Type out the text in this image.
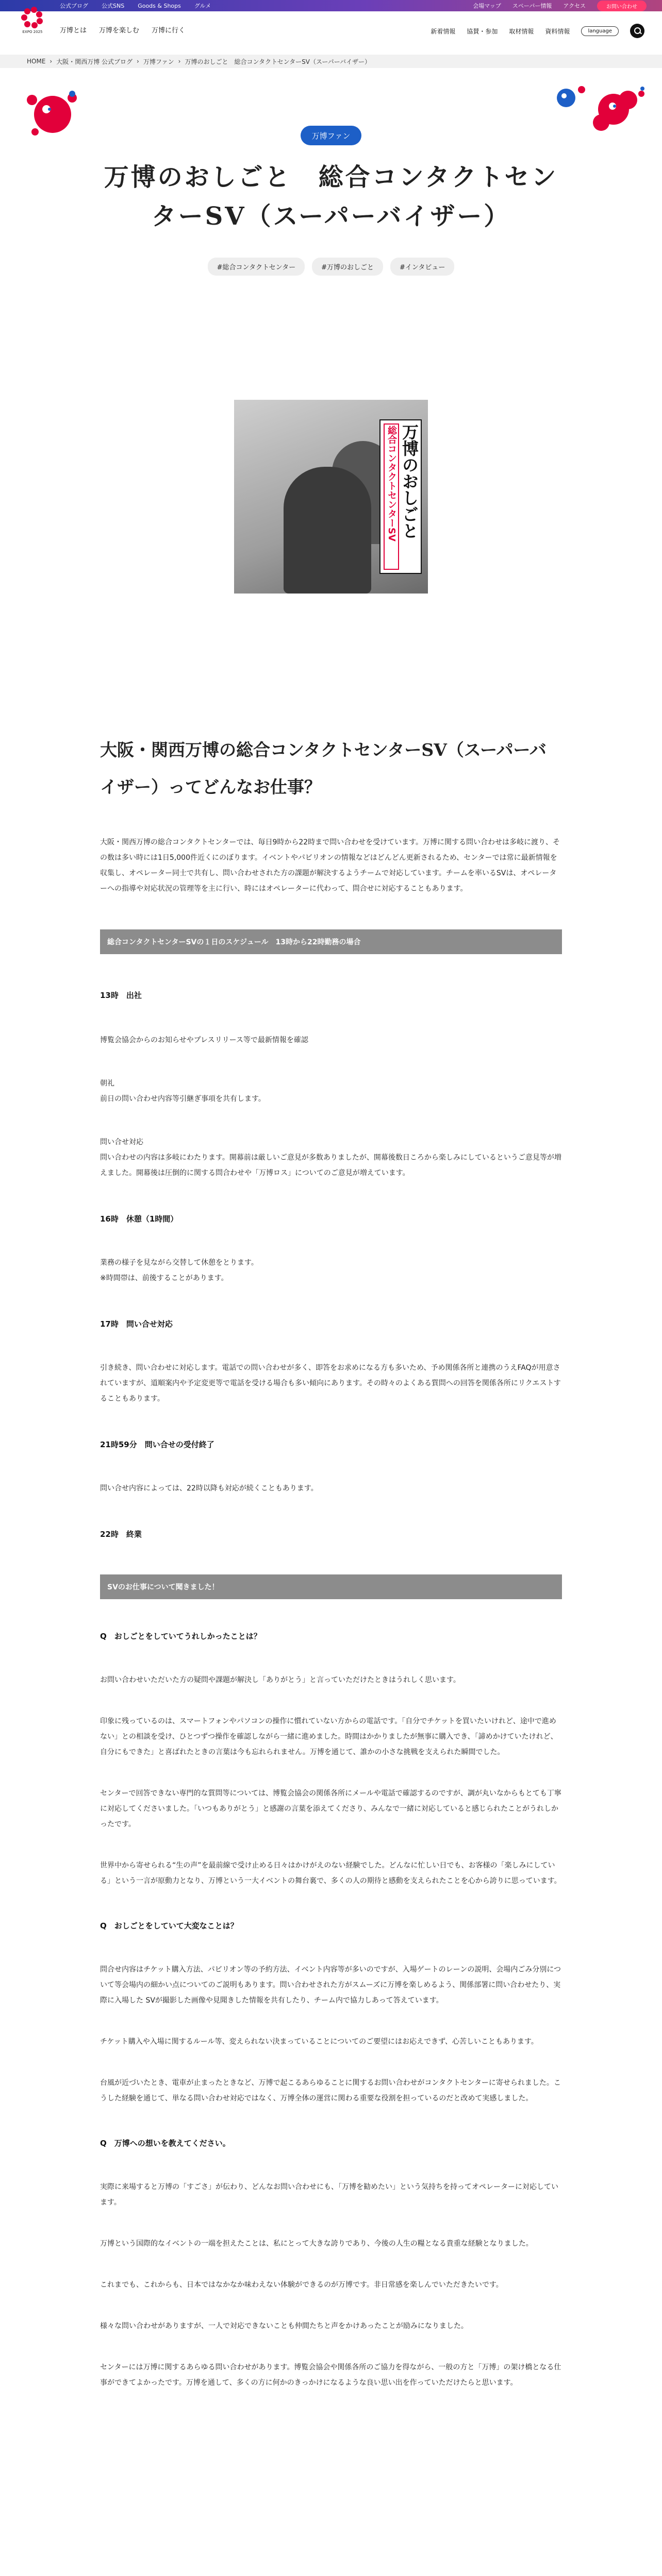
公式ブログ 公式SNS Goods & Shops グルメ	会場マップ スペーパー情報 アクセス	お問い合わせ
EXPO 2025	万博とは 万博を楽しむ 万博に行く	新着情報 協賛・参加 取材情報 資料情報	language
HOME › 大阪・関西万博 公式ブログ › 万博ファン › 万博のおしごと　総合コンタクトセンターSV（スーパーバイザー）
万博ファン
万博のおしごと　総合コンタクトセンターSV（スーパーバイザー）
#総合コンタクトセンター	#万博のおしごと	#インタビュー
万博のおしごと
総合コンタクトセンターSV
大阪・関西万博の総合コンタクトセンターSV（スーパーバイザー）ってどんなお仕事？

大阪・関西万博の総合コンタクトセンターでは、毎日9時から22時まで問い合わせを受けています。万博に関する問い合わせは多岐に渡り、その数は多い時には1日5,000件近くにのぼります。イベントやパビリオンの情報などはどんどん更新されるため、センターでは常に最新情報を収集し、オペレーター同士で共有し、問い合わせされた方の課題が解決するようチームで対応しています。チームを率いるSVは、オペレーターへの指導や対応状況の管理等を主に行い、時にはオペレーターに代わって、問合せに対応することもあります。

総合コンタクトセンターSVの１日のスケジュール　13時から22時勤務の場合

13時　出社

博覧会協会からのお知らせやプレスリリース等で最新情報を確認

朝礼

前日の問い合わせ内容等引継ぎ事項を共有します。

問い合せ対応

問い合わせの内容は多岐にわたります。開幕前は厳しいご意見が多数ありましたが、開幕後数日ころから楽しみにしているというご意見等が増えました。開幕後は圧倒的に関する問合わせや「万博ロス」についてのご意見が増えています。

16時　休憩（1時間）

業務の様子を見ながら交替して休憩をとります。

※時間帯は、前後することがあります。

17時　問い合せ対応

引き続き、問い合わせに対応します。電話での問い合わせが多く、即答をお求めになる方も多いため、予め関係各所と連携のうえFAQが用意されていますが、道順案内や予定変更等で電話を受ける場合も多い傾向にあります。その時々のよくある質問への回答を関係各所にリクエストすることもあります。

21時59分　問い合せの受付終了

問い合せ内容によっては、22時以降も対応が続くこともあります。

22時　終業

SVのお仕事について聞きました！

Q　おしごとをしていてうれしかったことは？

お問い合わせいただいた方の疑問や課題が解決し「ありがとう」と言っていただけたときはうれしく思います。

印象に残っているのは、スマートフォンやパソコンの操作に慣れていない方からの電話です。「自分でチケットを買いたいけれど、途中で進めない」との相談を受け、ひとつずつ操作を確認しながら一緒に進めました。時間はかかりましたが無事に購入でき、「諦めかけていたけれど、自分にもできた」と喜ばれたときの言葉は今も忘れられません。万博を通じて、誰かの小さな挑戦を支えられた瞬間でした。

センターで回答できない専門的な質問等については、博覧会協会の関係各所にメールや電話で確認するのですが、調が丸いなからもとても丁寧に対応してくださいました。「いつもありがとう」と感謝の言葉を添えてくださり、みんなで一緒に対応していると感じられたことがうれしかったです。

世界中から寄せられる“生の声”を最前線で受け止める日々はかけがえのない経験でした。どんなに忙しい日でも、お客様の「楽しみにしている」という一言が原動力となり、万博という一大イベントの舞台裏で、多くの人の期待と感動を支えられたことを心から誇りに思っています。

Q　おしごとをしていて大変なことは？

問合せ内容はチケット購入方法、パビリオン等の予約方法、イベント内容等が多いのですが、入場ゲートのレーンの説明、会場内ごみ分別について等会場内の細かい点についてのご説明もあります。問い合わせされた方がスムーズに万博を楽しめるよう、関係部署に問い合わせたり、実際に入場した SVが撮影した画像や見聞きした情報を共有したり、チーム内で協力しあって答えています。

チケット購入や入場に関するルール等、変えられない決まっていることについてのご要望にはお応えできず、心苦しいこともあります。

台風が近づいたとき、電車が止まったときなど、万博で起こるあらゆることに関するお問い合わせがコンタクトセンターに寄せられました。こうした経験を通じて、単なる問い合わせ対応ではなく、万博全体の運営に関わる重要な役割を担っているのだと改めて実感しました。

Q　万博への想いを教えてください。

実際に来場すると万博の「すごさ」が伝わり、どんなお問い合わせにも、「万博を勧めたい」という気持ちを持ってオペレーターに対応しています。

万博という国際的なイベントの一端を担えたことは、私にとって大きな誇りであり、今後の人生の糧となる貴重な経験となりました。

これまでも、これからも、日本ではなかなか味わえない体験ができるのが万博です。非日常感を楽しんでいただきたいです。

様々な問い合わせがありますが、一人で対応できないことも仲間たちと声をかけあったことが励みになりました。

センターには万博に関するあらゆる問い合わせがあります。博覧会協会や関係各所のご協力を得ながら、一般の方と「万博」の架け橋となる仕事ができてよかったです。万博を通して、多くの方に何かのきっかけになるような良い思い出を作っていただけたらと思います。
